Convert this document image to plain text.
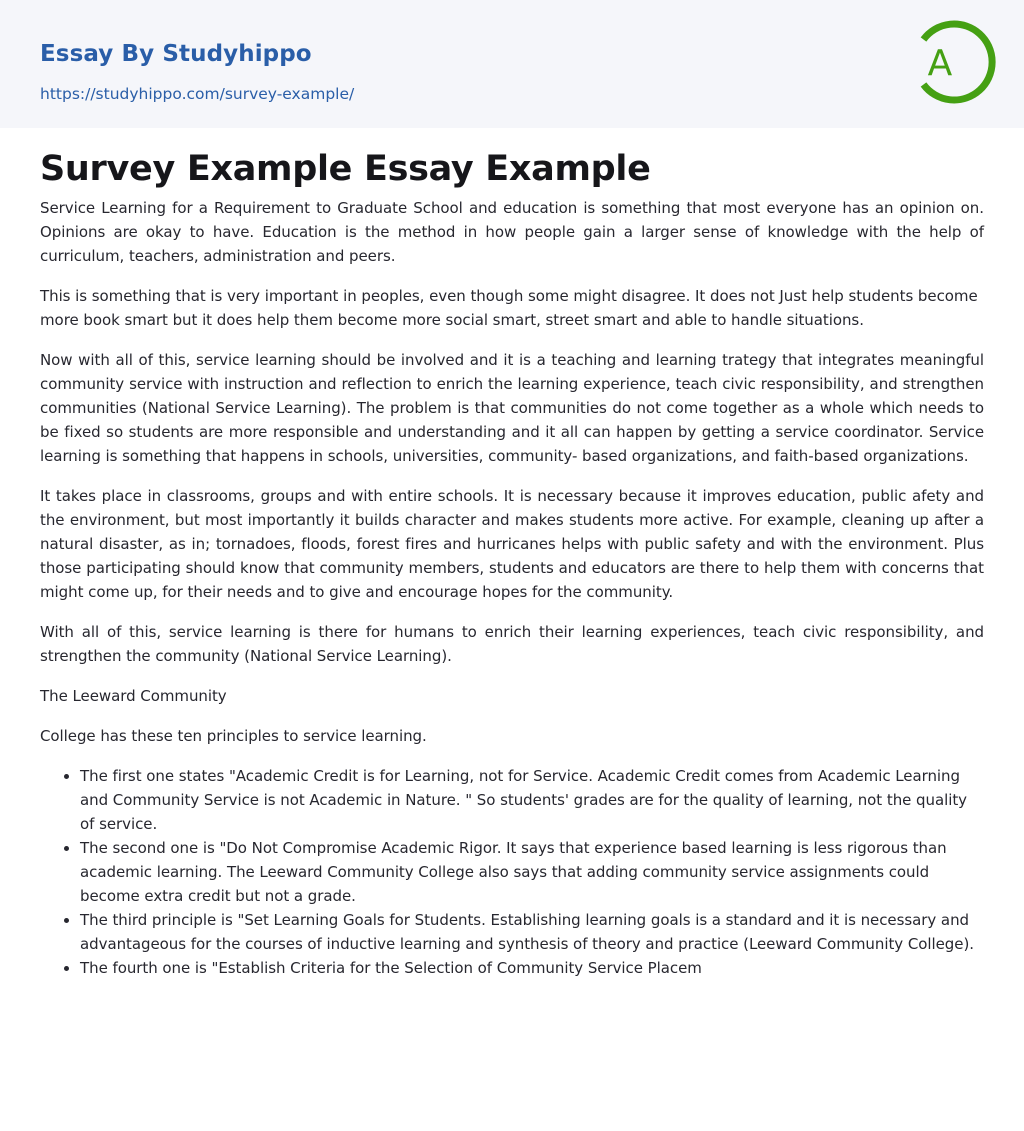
Essay By Studyhippo
https://studyhippo.com/survey-example/
A
Survey Example Essay Example

Service Learning for a Requirement to Graduate School and education is something that most everyone has an opinion on. Opinions are okay to have. Education is the method in how people gain a larger sense of knowledge with the help of curriculum, teachers, administration and peers.

This is something that is very important in peoples, even though some might disagree. It does not Just help students become more book smart but it does help them become more social smart, street smart and able to handle situations.

Now with all of this, service learning should be involved and it is a teaching and learning trategy that integrates meaningful community service with instruction and reflection to enrich the learning experience, teach civic responsibility, and strengthen communities (National Service Learning). The problem is that communities do not come together as a whole which needs to be fixed so students are more responsible and understanding and it all can happen by getting a service coordinator. Service learning is something that happens in schools, universities, community- based organizations, and faith-based organizations.

It takes place in classrooms, groups and with entire schools. It is necessary because it improves education, public afety and the environment, but most importantly it builds character and makes students more active. For example, cleaning up after a natural disaster, as in; tornadoes, floods, forest fires and hurricanes helps with public safety and with the environment. Plus those participating should know that community members, students and educators are there to help them with concerns that might come up, for their needs and to give and encourage hopes for the community.

With all of this, service learning is there for humans to enrich their learning experiences, teach civic responsibility, and strengthen the community (National Service Learning).

The Leeward Community

College has these ten principles to service learning.

The first one states "Academic Credit is for Learning, not for Service. Academic Credit comes from Academic Learning and Community Service is not Academic in Nature. " So students' grades are for the quality of learning, not the quality of service.
The second one is "Do Not Compromise Academic Rigor. It says that experience based learning is less rigorous than academic learning. The Leeward Community College also says that adding community service assignments could become extra credit but not a grade.
The third principle is "Set Learning Goals for Students. Establishing learning goals is a standard and it is necessary and advantageous for the courses of inductive learning and synthesis of theory and practice (Leeward Community College).
The fourth one is "Establish Criteria for the Selection of Community Service Placem
